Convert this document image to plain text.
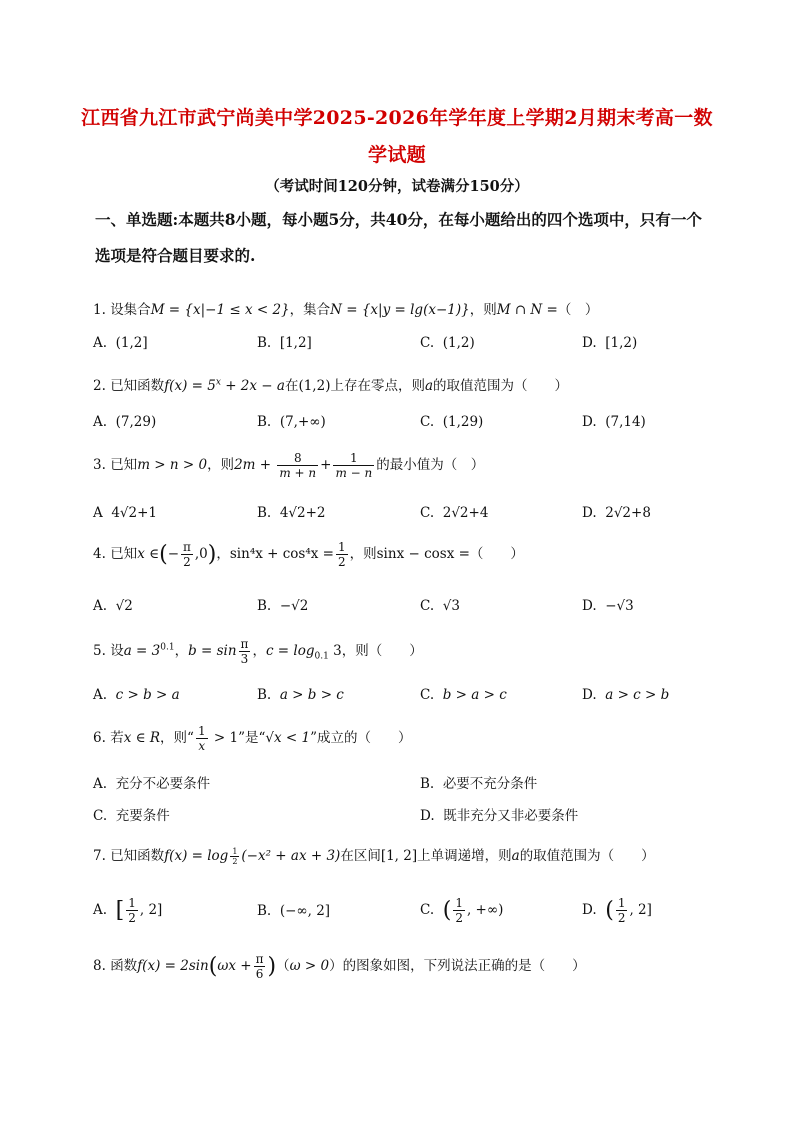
江西省九江市武宁尚美中学2025-2026年学年度上学期2月期末考高一数
学试题
（考试时间120分钟，试卷满分150分）
一、单选题:本题共8小题，每小题5分，共40分，在每小题给出的四个选项中，只有一个选项是符合题目要求的.
1. 设集合M = {x|−1 ≤ x < 2}，集合N = {x|y = lg(x−1)}，则M ∩ N =（　）
A. (1,2]	B. [1,2]	C. (1,2)	D. [1,2)
2. 已知函数$f(x) = 5^x + 2x - a$在(1,2)上存在零点，则a的取值范围为（　　）
A. (7,29)	B. (7,+∞)	C. (1,29)	D. (7,14)
3. 已知m > n > 0，则$2m + \frac{8}{m + n} + \frac{1}{m - n}$ 的最小值为（　）
A 4√2+1	B. 4√2+2	C. 2√2+4	D. 2√2+8
4. 已知x ∈(− $\frac{\pi}{2} ,0$)，$\sin^4x + \cos^4x = \frac{1}{2}$ ，则sinx − cosx =（　　）
A. √2	B. −√2	C. √3	D. −√3
5. 设$a = 3^{0.1}$，$b = \sin \frac{\pi}{3}$ ，$c = \log_{0.1} 3$，则（　　）
A. c > b > a	B. a > b > c	C. b > a > c	D. a > c > b
6. 若x ∈ R，则“ $\frac{1}{x} > 1$”是“√x < 1”成立的（　　）
A. 充分不必要条件	B. 必要不充分条件
C. 充要条件	D. 既非充分又非必要条件
7. 已知函数$f(x) = \log \frac{1}{2} (-x^2$ + ax + 3)在区间[1, 2]上单调递增，则a的取值范围为（　　）
A. [ $\frac{1}{2}$ , 2]	B. (−∞, 2]	C. ( $\frac{1}{2}$ , +∞)	D. ( $\frac{1}{2}$ , 2]
8. 函数$f(x) = 2\sin(\omega x + \frac{\pi}{6} )(\omega > 0)$的图象如图，下列说法正确的是（　　）
